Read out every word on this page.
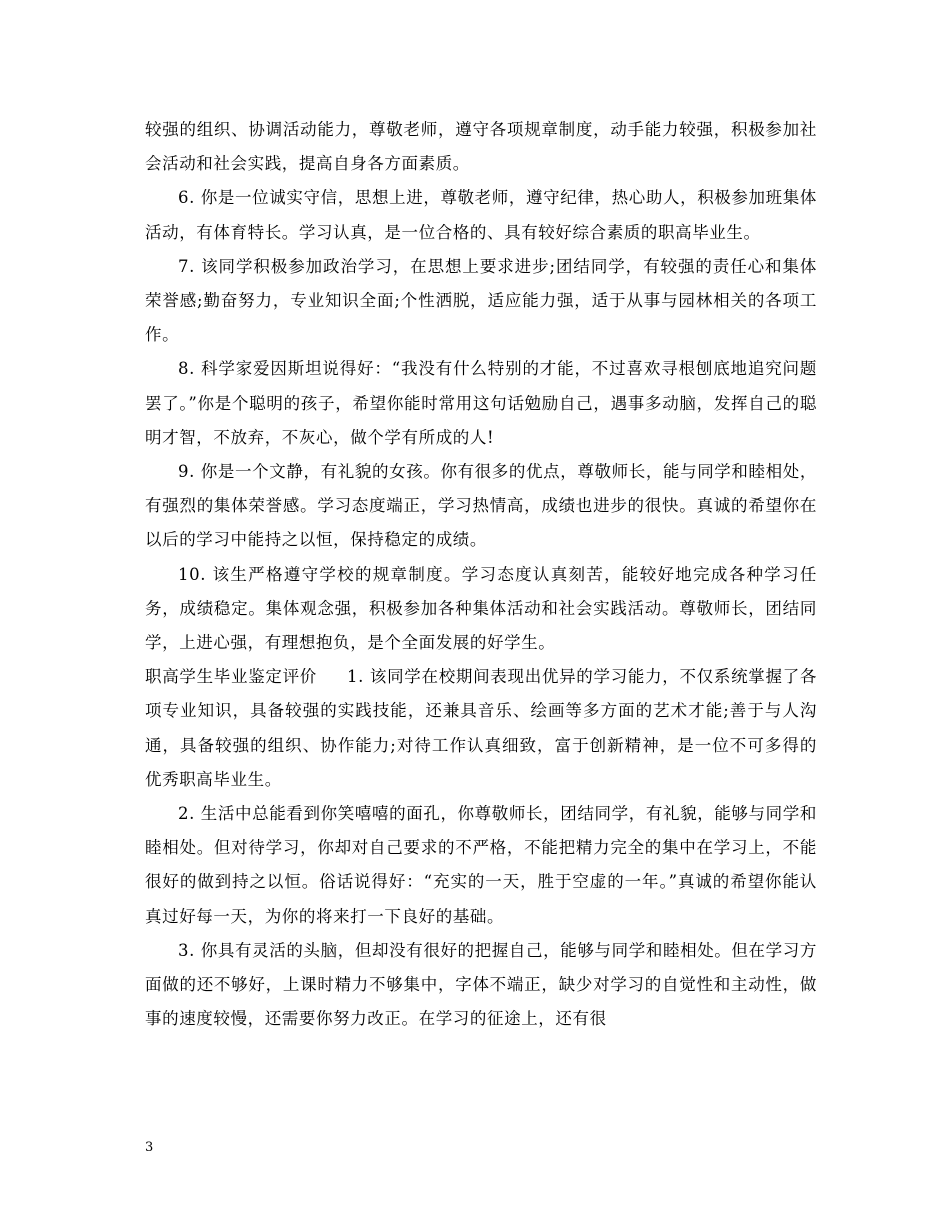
较强的组织、协调活动能力，尊敬老师，遵守各项规章制度，动手能力较强，积极参加社会活动和社会实践，提高自身各方面素质。

6. 你是一位诚实守信，思想上进，尊敬老师，遵守纪律，热心助人，积极参加班集体活动，有体育特长。学习认真，是一位合格的、具有较好综合素质的职高毕业生。

7. 该同学积极参加政治学习，在思想上要求进步;团结同学，有较强的责任心和集体荣誉感;勤奋努力，专业知识全面;个性洒脱，适应能力强，适于从事与园林相关的各项工作。

8. 科学家爱因斯坦说得好：“我没有什么特别的才能，不过喜欢寻根刨底地追究问题罢了。”你是个聪明的孩子，希望你能时常用这句话勉励自己，遇事多动脑，发挥自己的聪明才智，不放弃，不灰心，做个学有所成的人!

9. 你是一个文静，有礼貌的女孩。你有很多的优点，尊敬师长，能与同学和睦相处，有强烈的集体荣誉感。学习态度端正，学习热情高，成绩也进步的很快。真诚的希望你在以后的学习中能持之以恒，保持稳定的成绩。

10. 该生严格遵守学校的规章制度。学习态度认真刻苦，能较好地完成各种学习任务，成绩稳定。集体观念强，积极参加各种集体活动和社会实践活动。尊敬师长，团结同学，上进心强，有理想抱负，是个全面发展的好学生。

职高学生毕业鉴定评价 1. 该同学在校期间表现出优异的学习能力，不仅系统掌握了各项专业知识，具备较强的实践技能，还兼具音乐、绘画等多方面的艺术才能;善于与人沟通，具备较强的组织、协作能力;对待工作认真细致，富于创新精神，是一位不可多得的优秀职高毕业生。

2. 生活中总能看到你笑嘻嘻的面孔，你尊敬师长，团结同学，有礼貌，能够与同学和睦相处。但对待学习，你却对自己要求的不严格，不能把精力完全的集中在学习上，不能很好的做到持之以恒。俗话说得好：“充实的一天，胜于空虚的一年。”真诚的希望你能认真过好每一天，为你的将来打一下良好的基础。

3. 你具有灵活的头脑，但却没有很好的把握自己，能够与同学和睦相处。但在学习方面做的还不够好，上课时精力不够集中，字体不端正，缺少对学习的自觉性和主动性，做事的速度较慢，还需要你努力改正。在学习的征途上，还有很

3
